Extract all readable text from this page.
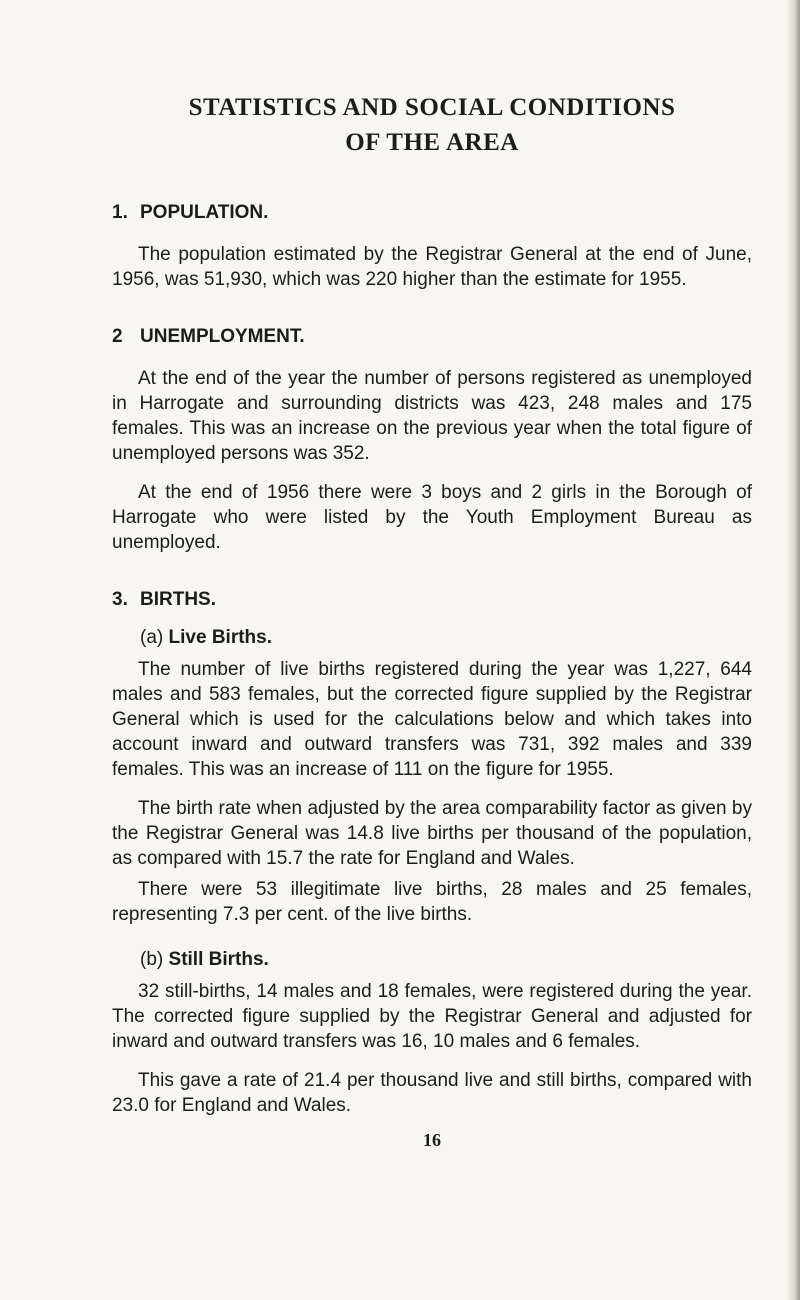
STATISTICS AND SOCIAL CONDITIONS
OF THE AREA
1. POPULATION.

The population estimated by the Registrar General at the end of June, 1956, was 51,930, which was 220 higher than the estimate for 1955.

2 UNEMPLOYMENT.

At the end of the year the number of persons registered as unemployed in Harrogate and surrounding districts was 423, 248 males and 175 females. This was an increase on the previous year when the total figure of unemployed persons was 352.

At the end of 1956 there were 3 boys and 2 girls in the Borough of Harrogate who were listed by the Youth Employment Bureau as unemployed.

3. BIRTHS.
(a) Live Births.

The number of live births registered during the year was 1,227, 644 males and 583 females, but the corrected figure supplied by the Registrar General which is used for the calculations below and which takes into account inward and outward transfers was 731, 392 males and 339 females. This was an increase of 111 on the figure for 1955.

The birth rate when adjusted by the area comparability factor as given by the Registrar General was 14.8 live births per thousand of the population, as compared with 15.7 the rate for England and Wales.

There were 53 illegitimate live births, 28 males and 25 females, representing 7.3 per cent. of the live births.

(b) Still Births.

32 still-births, 14 males and 18 females, were registered during the year. The corrected figure supplied by the Registrar General and adjusted for inward and outward transfers was 16, 10 males and 6 females.

This gave a rate of 21.4 per thousand live and still births, compared with 23.0 for England and Wales.

16
